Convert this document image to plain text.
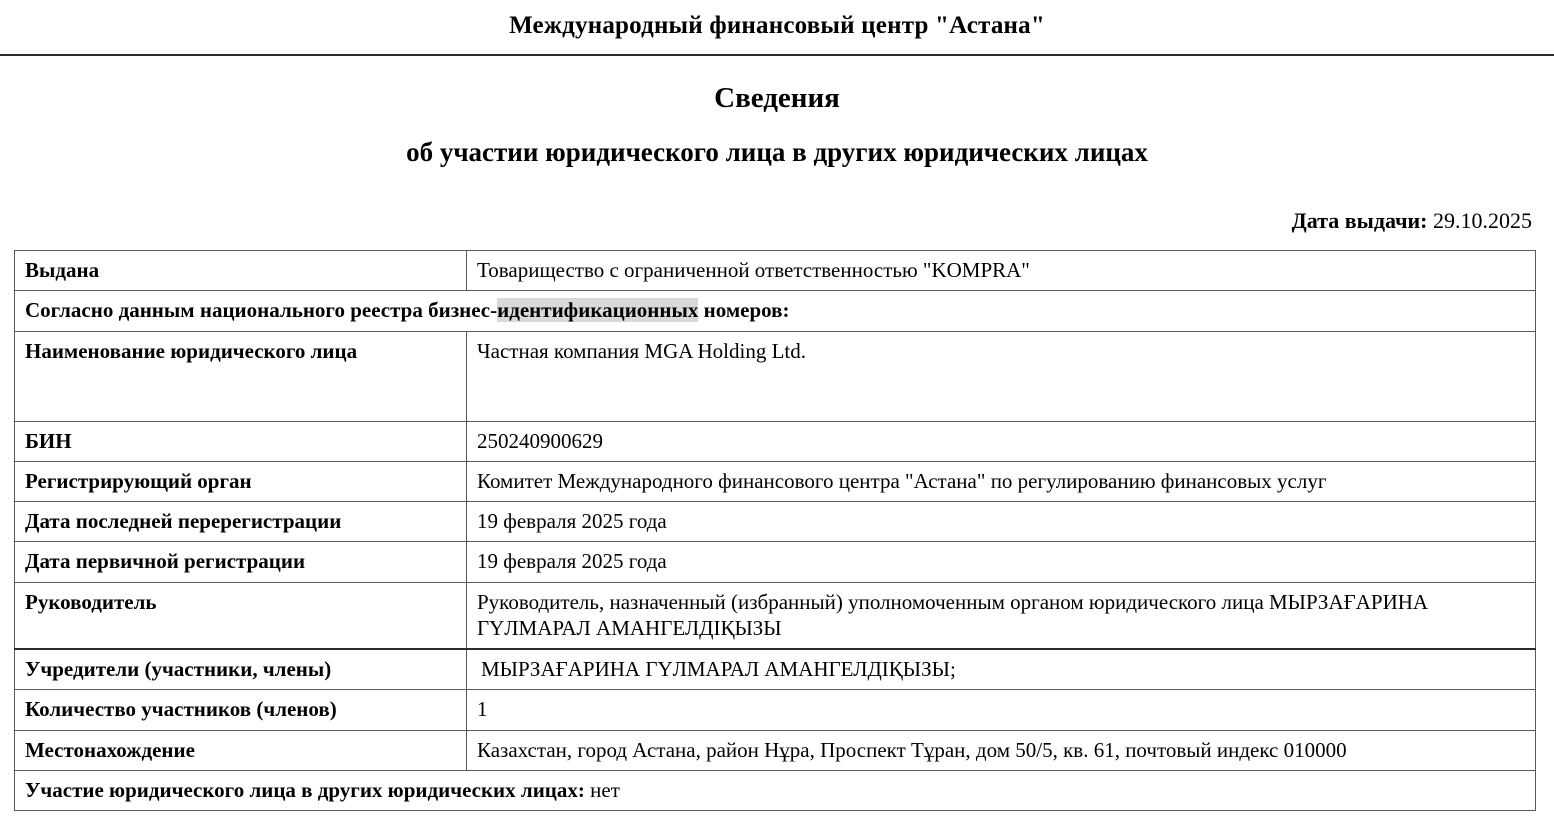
Международный финансовый центр "Астана"
Сведения
об участии юридического лица в других юридических лицах
Дата выдачи: 29.10.2025
Выдана	Товарищество с ограниченной ответственностью "KOMPRA"
Согласно данным национального реестра бизнес-идентификационных номеров:	
Наименование юридического лица	Частная компания MGA Holding Ltd.
БИН	250240900629
Регистрирующий орган	Комитет Международного финансового центра "Астана" по регулированию финансовых услуг
Дата последней перерегистрации	19 февраля 2025 года
Дата первичной регистрации	19 февраля 2025 года
Руководитель	Руководитель, назначенный (избранный) уполномоченным органом юридического лица МЫРЗАҒАРИНА ГҮЛМАРАЛ АМАНГЕЛДІҚЫЗЫ
Учредители (участники, члены)	МЫРЗАҒАРИНА ГҮЛМАРАЛ АМАНГЕЛДІҚЫЗЫ;
Количество участников (членов)	1
Местонахождение	Казахстан, город Астана, район Нұра, Проспект Тұран, дом 50/5, кв. 61, почтовый индекс 010000
Участие юридического лица в других юридических лицах: нет	
